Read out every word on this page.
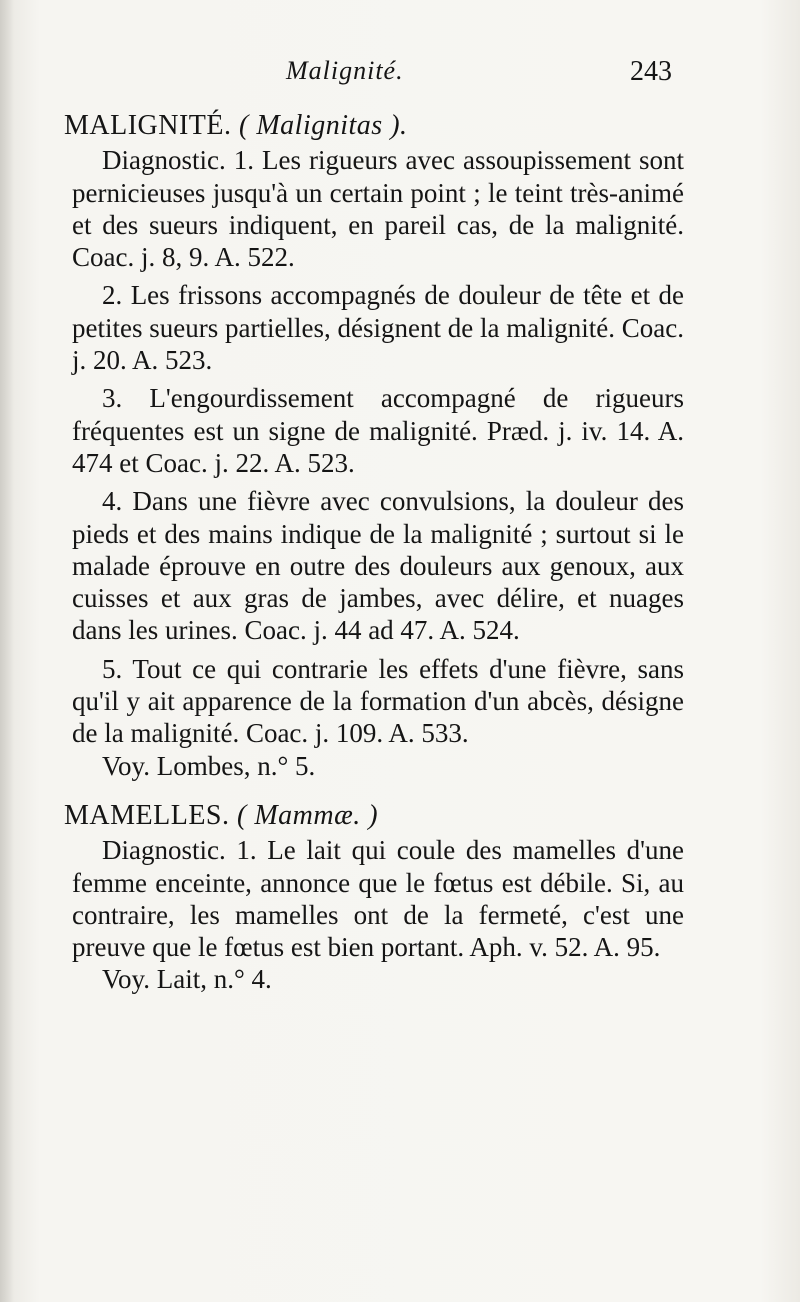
Malignité.	243

MALIGNITÉ. ( Malignitas ).

Diagnostic. 1. Les rigueurs avec assoupissement sont pernicieuses jusqu'à un certain point ; le teint très-animé et des sueurs indiquent, en pareil cas, de la malignité. Coac. j. 8, 9. A. 522.

2. Les frissons accompagnés de douleur de tête et de petites sueurs partielles, désignent de la malignité. Coac. j. 20. A. 523.

3. L'engourdissement accompagné de rigueurs fréquentes est un signe de malignité. Præd. j. iv. 14. A. 474 et Coac. j. 22. A. 523.

4. Dans une fièvre avec convulsions, la douleur des pieds et des mains indique de la malignité ; surtout si le malade éprouve en outre des douleurs aux genoux, aux cuisses et aux gras de jambes, avec délire, et nuages dans les urines. Coac. j. 44 ad 47. A. 524.

5. Tout ce qui contrarie les effets d'une fièvre, sans qu'il y ait apparence de la formation d'un abcès, désigne de la malignité. Coac. j. 109. A. 533.

Voy. Lombes, n.° 5.

MAMELLES. ( Mammæ. )

Diagnostic. 1. Le lait qui coule des mamelles d'une femme enceinte, annonce que le fœtus est débile. Si, au contraire, les mamelles ont de la fermeté, c'est une preuve que le fœtus est bien portant. Aph. v. 52. A. 95.

Voy. Lait, n.° 4.
